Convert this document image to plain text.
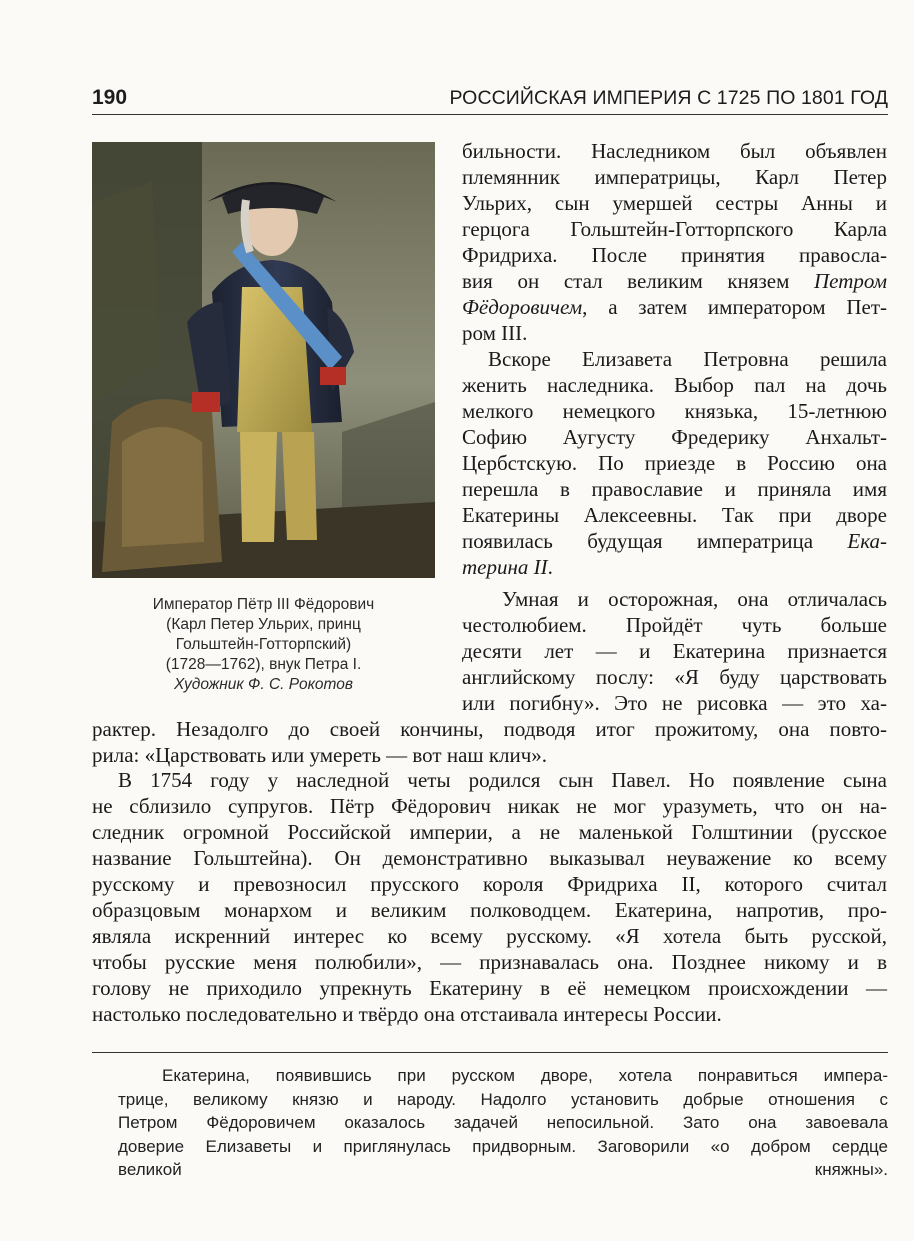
190	РОССИЙСКАЯ ИМПЕРИЯ С 1725 ПО 1801 ГОД
Император Пётр III Фёдорович
(Карл Петер Ульрих, принц
Гольштейн-Готторпский)
(1728—1762), внук Петра I.
Художник Ф. С. Рокотов
бильности. Наследником был объявлен
племянник императрицы, Карл Петер
Ульрих, сын умершей сестры Анны и
герцога Гольштейн-Готторпского Карла
Фридриха. После принятия правосла-
вия он стал великим князем Петром
Фёдоровичем, а затем императором Пет-
ром III.
Вскоре Елизавета Петровна решила
женить наследника. Выбор пал на дочь
мелкого немецкого князька, 15-летнюю
Софию Аугусту Фредерику Анхальт-
Цербстскую. По приезде в Россию она
перешла в православие и приняла имя
Екатерины Алексеевны. Так при дворе
появилась будущая императрица Ека-
терина II.
Умная и осторожная, она отличалась
честолюбием. Пройдёт чуть больше
десяти лет — и Екатерина признается
английскому послу: «Я буду царствовать
или погибну». Это не рисовка — это ха-
рактер. Незадолго до своей кончины, подводя итог прожитому, она повто-
рила: «Царствовать или умереть — вот наш клич».
В 1754 году у наследной четы родился сын Павел. Но появление сына
не сблизило супругов. Пётр Фёдорович никак не мог уразуметь, что он на-
следник огромной Российской империи, а не маленькой Голштинии (русское
название Гольштейна). Он демонстративно выказывал неуважение ко всему
русскому и превозносил прусского короля Фридриха II, которого считал
образцовым монархом и великим полководцем. Екатерина, напротив, про-
являла искренний интерес ко всему русскому. «Я хотела быть русской,
чтобы русские меня полюбили», — признавалась она. Позднее никому и в
голову не приходило упрекнуть Екатерину в её немецком происхождении —
настолько последовательно и твёрдо она отстаивала интересы России.
Екатерина, появившись при русском дворе, хотела понравиться импера-
трице, великому князю и народу. Надолго установить добрые отношения с
Петром Фёдоровичем оказалось задачей непосильной. Зато она завоевала
доверие Елизаветы и приглянулась придворным. Заговорили «о добром сердце
великой княжны».
